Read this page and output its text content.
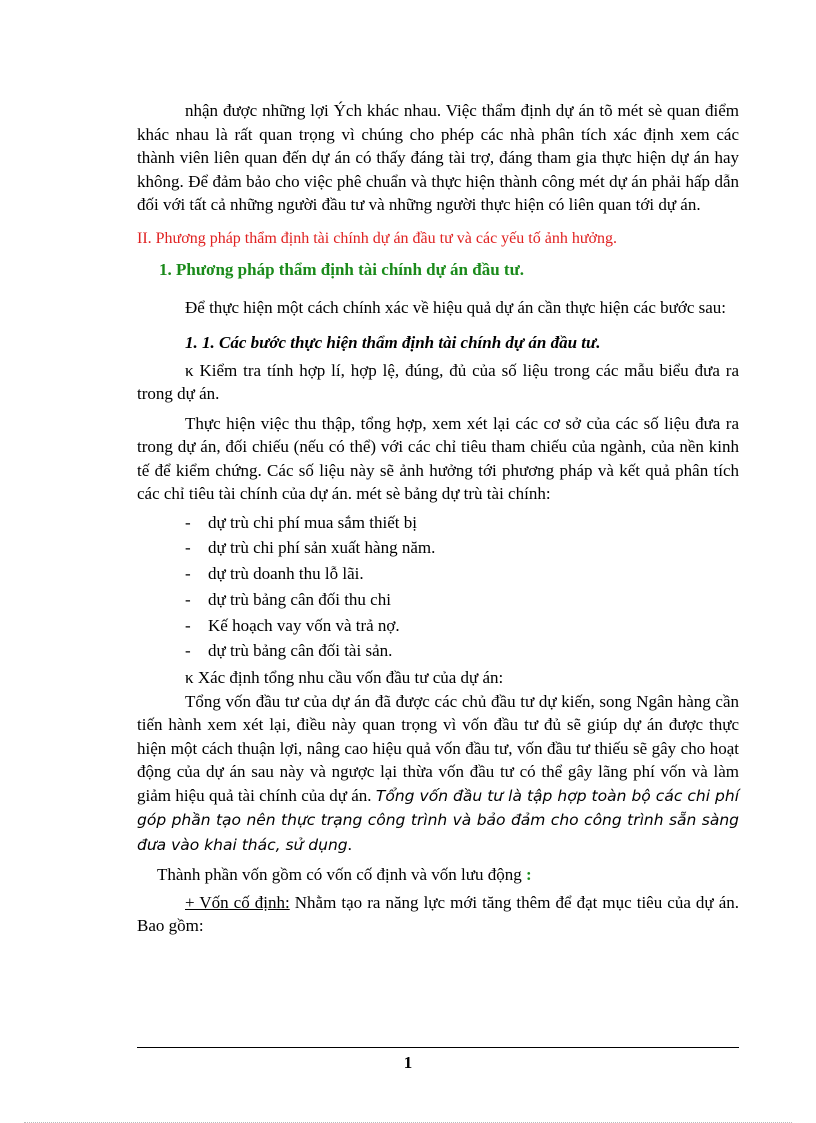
nhận được những lợi Ých khác nhau. Việc thẩm định dự án tõ mét sè quan điểm khác nhau là rất quan trọng vì chúng cho phép các nhà phân tích xác định xem các thành viên liên quan đến dự án có thấy đáng tài trợ, đáng tham gia thực hiện dự án hay không. Để đảm bảo cho việc phê chuẩn và thực hiện thành công mét dự án phải hấp dẫn đối với tất cả những người đầu tư và những người thực hiện có liên quan tới dự án.

II. Phương pháp thẩm định tài chính dự án đầu tư và các yếu tố ảnh hưởng.
1. Phương pháp thẩm định tài chính dự án đầu tư.

Để thực hiện một cách chính xác về hiệu quả dự án cần thực hiện các bước sau:

1. 1. Các bước thực hiện thẩm định tài chính dự án đầu tư.

κ Kiểm tra tính hợp lí, hợp lệ, đúng, đủ của số liệu trong các mẫu biểu đưa ra trong dự án.

Thực hiện việc thu thập, tổng hợp, xem xét lại các cơ sở của các số liệu đưa ra trong dự án, đối chiếu (nếu có thể) với các chỉ tiêu tham chiếu của ngành, của nền kinh tế để kiểm chứng. Các số liệu này sẽ ảnh hưởng tới phương pháp và kết quả phân tích các chỉ tiêu tài chính của dự án. mét sè bảng dự trù tài chính:

- dự trù chi phí mua sắm thiết bị
- dự trù chi phí sản xuất hàng năm.
- dự trù doanh thu lỗ lãi.
- dự trù bảng cân đối thu chi
- Kế hoạch vay vốn và trả nợ.
- dự trù bảng cân đối tài sản.

κ Xác định tổng nhu cầu vốn đầu tư của dự án:

Tổng vốn đầu tư của dự án đã được các chủ đầu tư dự kiến, song Ngân hàng cần tiến hành xem xét lại, điều này quan trọng vì vốn đầu tư đủ sẽ giúp dự án được thực hiện một cách thuận lợi, nâng cao hiệu quả vốn đầu tư, vốn đầu tư thiếu sẽ gây cho hoạt động của dự án sau này và ngược lại thừa vốn đầu tư có thể gây lãng phí vốn và làm giảm hiệu quả tài chính của dự án. Tổng vốn đầu tư là tập hợp toàn bộ các chi phí góp phần tạo nên thực trạng công trình và bảo đảm cho công trình sẵn sàng đưa vào khai thác, sử dụng.

Thành phần vốn gồm có vốn cố định và vốn lưu động :

+ Vốn cố định: Nhằm tạo ra năng lực mới tăng thêm để đạt mục tiêu của dự án. Bao gồm:

1
